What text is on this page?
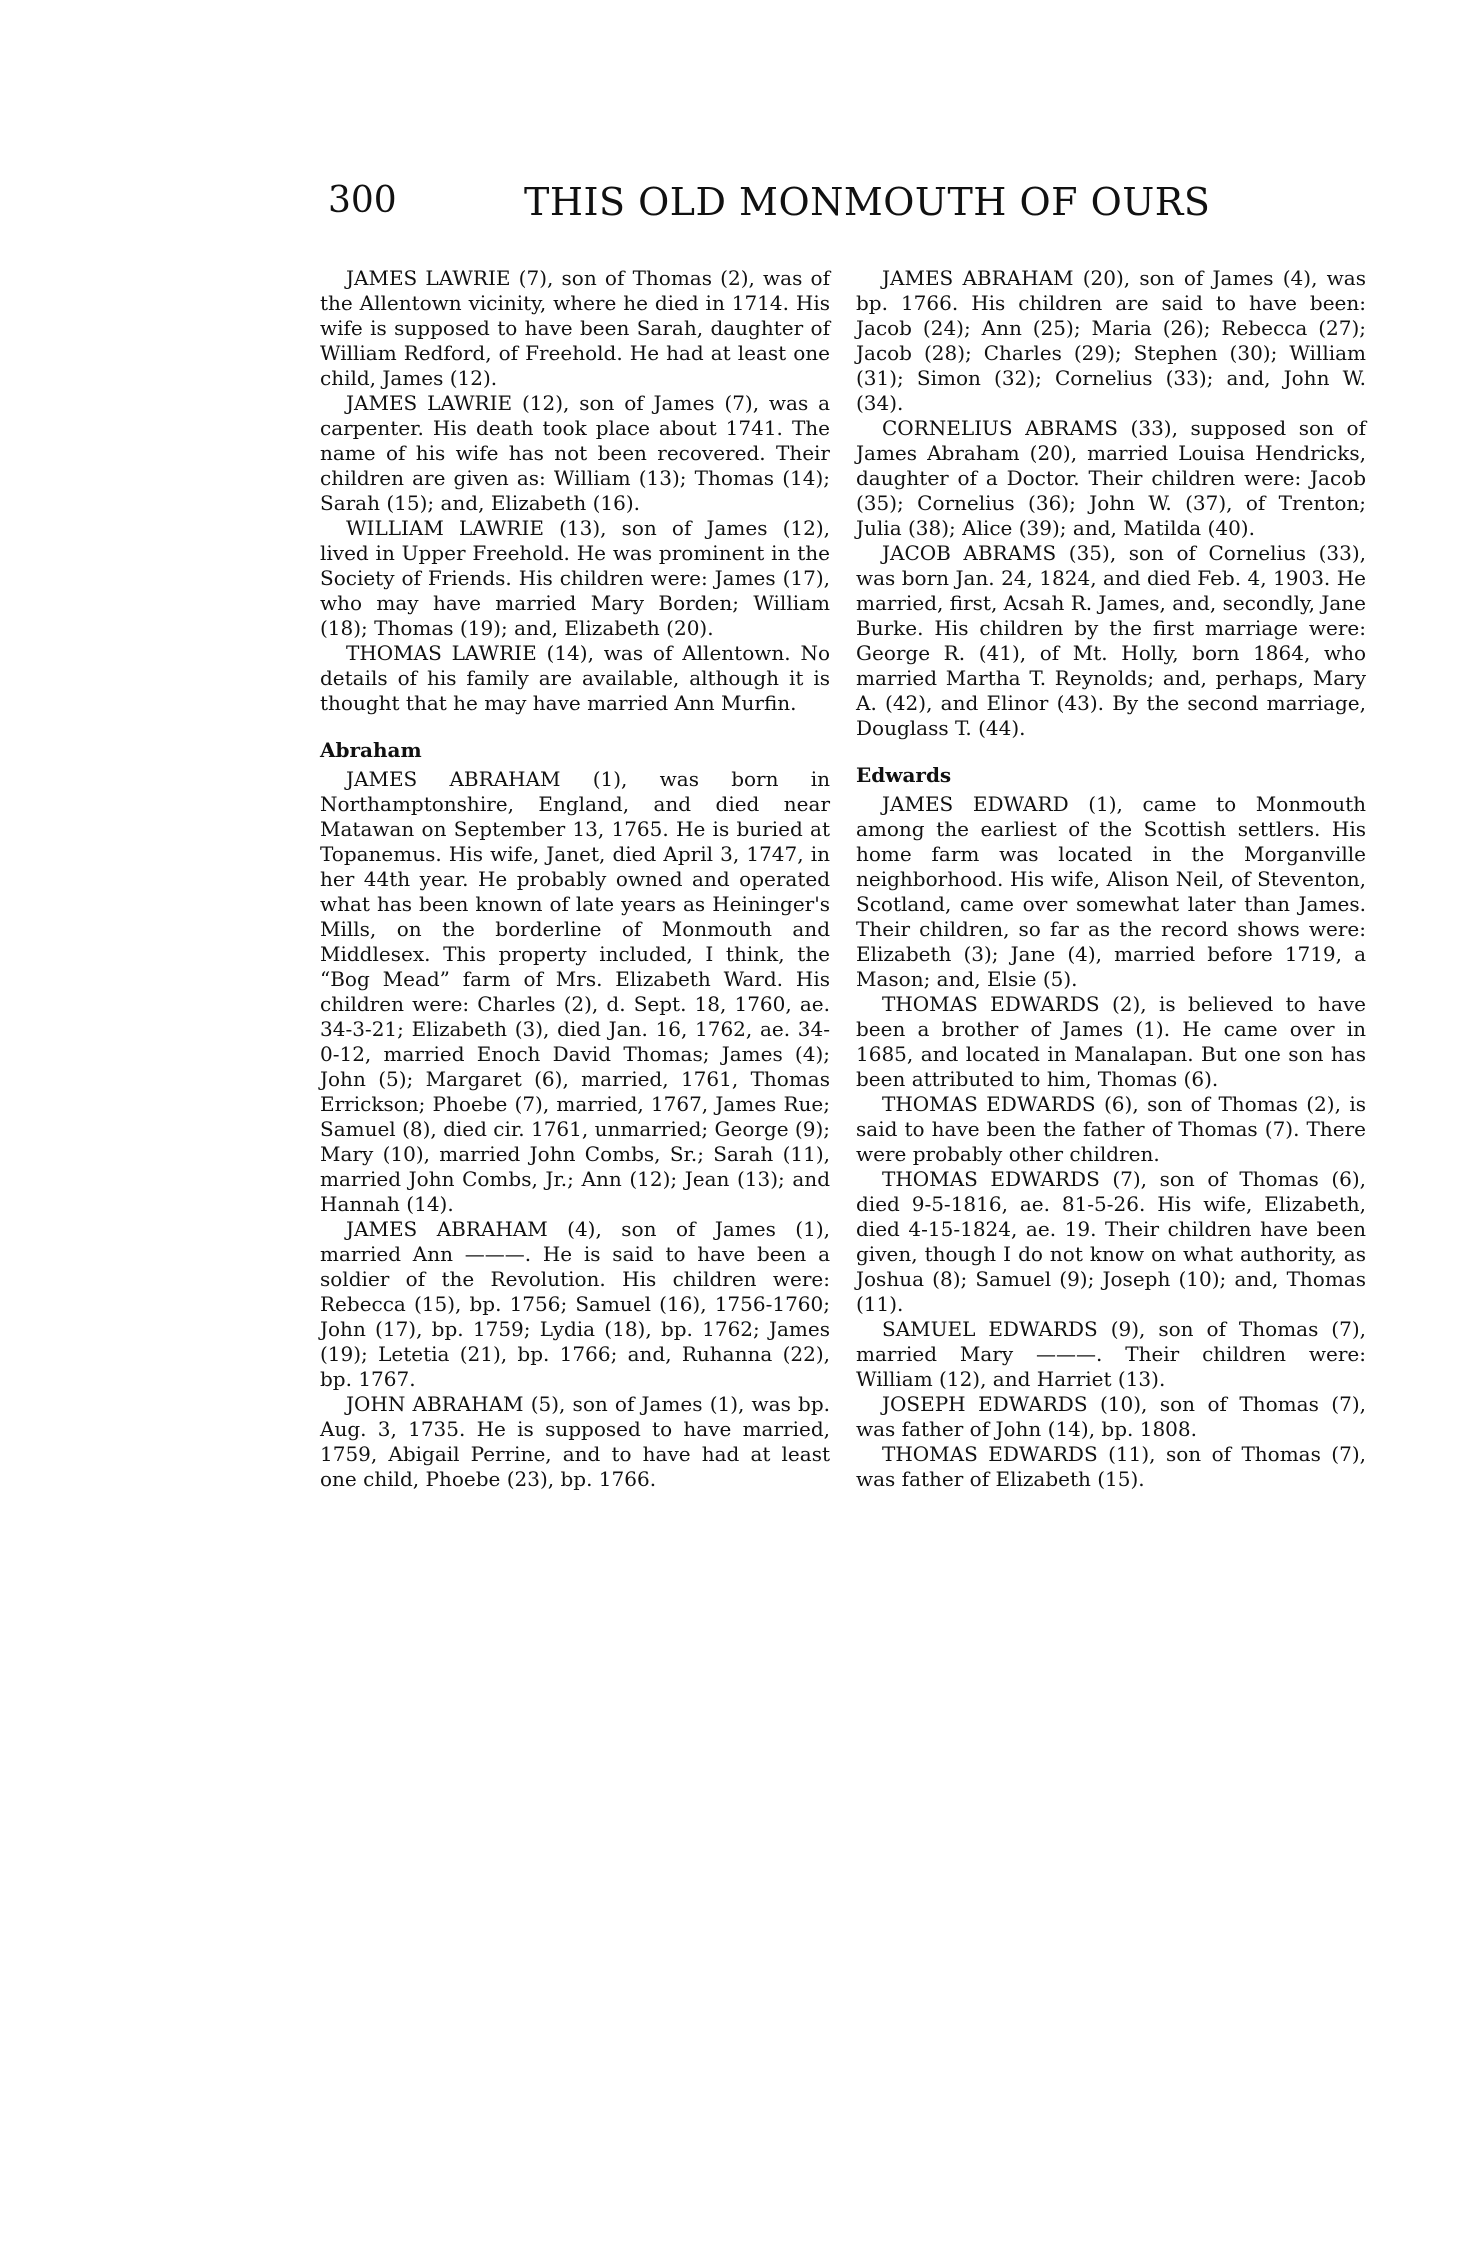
300	THIS OLD MONMOUTH OF OURS

JAMES LAWRIE (7), son of Thomas (2), was of the Allentown vicinity, where he died in 1714. His wife is supposed to have been Sarah, daughter of William Redford, of Freehold. He had at least one child, James (12).

JAMES LAWRIE (12), son of James (7), was a carpenter. His death took place about 1741. The name of his wife has not been recovered. Their children are given as: William (13); Thomas (14); Sarah (15); and, Elizabeth (16).

WILLIAM LAWRIE (13), son of James (12), lived in Upper Freehold. He was prominent in the Society of Friends. His children were: James (17), who may have married Mary Borden; William (18); Thomas (19); and, Elizabeth (20).

THOMAS LAWRIE (14), was of Allentown. No details of his family are available, although it is thought that he may have married Ann Murfin.

Abraham

JAMES ABRAHAM (1), was born in Northamptonshire, England, and died near Matawan on September 13, 1765. He is buried at Topanemus. His wife, Janet, died April 3, 1747, in her 44th year. He probably owned and operated what has been known of late years as Heininger's Mills, on the borderline of Monmouth and Middlesex. This property included, I think, the “Bog Mead” farm of Mrs. Elizabeth Ward. His children were: Charles (2), d. Sept. 18, 1760, ae. 34-3-21; Elizabeth (3), died Jan. 16, 1762, ae. 34-0-12, married Enoch David Thomas; James (4); John (5); Margaret (6), married, 1761, Thomas Errickson; Phoebe (7), married, 1767, James Rue; Samuel (8), died cir. 1761, unmarried; George (9); Mary (10), married John Combs, Sr.; Sarah (11), married John Combs, Jr.; Ann (12); Jean (13); and Hannah (14).

JAMES ABRAHAM (4), son of James (1), married Ann ———. He is said to have been a soldier of the Revolution. His children were: Rebecca (15), bp. 1756; Samuel (16), 1756-1760; John (17), bp. 1759; Lydia (18), bp. 1762; James (19); Letetia (21), bp. 1766; and, Ruhanna (22), bp. 1767.

JOHN ABRAHAM (5), son of James (1), was bp. Aug. 3, 1735. He is supposed to have married, 1759, Abigail Perrine, and to have had at least one child, Phoebe (23), bp. 1766.

JAMES ABRAHAM (20), son of James (4), was bp. 1766. His children are said to have been: Jacob (24); Ann (25); Maria (26); Rebecca (27); Jacob (28); Charles (29); Stephen (30); William (31); Simon (32); Cornelius (33); and, John W. (34).

CORNELIUS ABRAMS (33), supposed son of James Abraham (20), married Louisa Hendricks, daughter of a Doctor. Their children were: Jacob (35); Cornelius (36); John W. (37), of Trenton; Julia (38); Alice (39); and, Matilda (40).

JACOB ABRAMS (35), son of Cornelius (33), was born Jan. 24, 1824, and died Feb. 4, 1903. He married, first, Acsah R. James, and, secondly, Jane Burke. His children by the first marriage were: George R. (41), of Mt. Holly, born 1864, who married Martha T. Reynolds; and, perhaps, Mary A. (42), and Elinor (43). By the second marriage, Douglass T. (44).

Edwards

JAMES EDWARD (1), came to Monmouth among the earliest of the Scottish settlers. His home farm was located in the Morganville neighborhood. His wife, Alison Neil, of Steventon, Scotland, came over somewhat later than James. Their children, so far as the record shows were: Elizabeth (3); Jane (4), married before 1719, a Mason; and, Elsie (5).

THOMAS EDWARDS (2), is believed to have been a brother of James (1). He came over in 1685, and located in Manalapan. But one son has been attributed to him, Thomas (6).

THOMAS EDWARDS (6), son of Thomas (2), is said to have been the father of Thomas (7). There were probably other children.

THOMAS EDWARDS (7), son of Thomas (6), died 9-5-1816, ae. 81-5-26. His wife, Elizabeth, died 4-15-1824, ae. 19. Their children have been given, though I do not know on what authority, as Joshua (8); Samuel (9); Joseph (10); and, Thomas (11).

SAMUEL EDWARDS (9), son of Thomas (7), married Mary ———. Their children were: William (12), and Harriet (13).

JOSEPH EDWARDS (10), son of Thomas (7), was father of John (14), bp. 1808.

THOMAS EDWARDS (11), son of Thomas (7), was father of Elizabeth (15).
